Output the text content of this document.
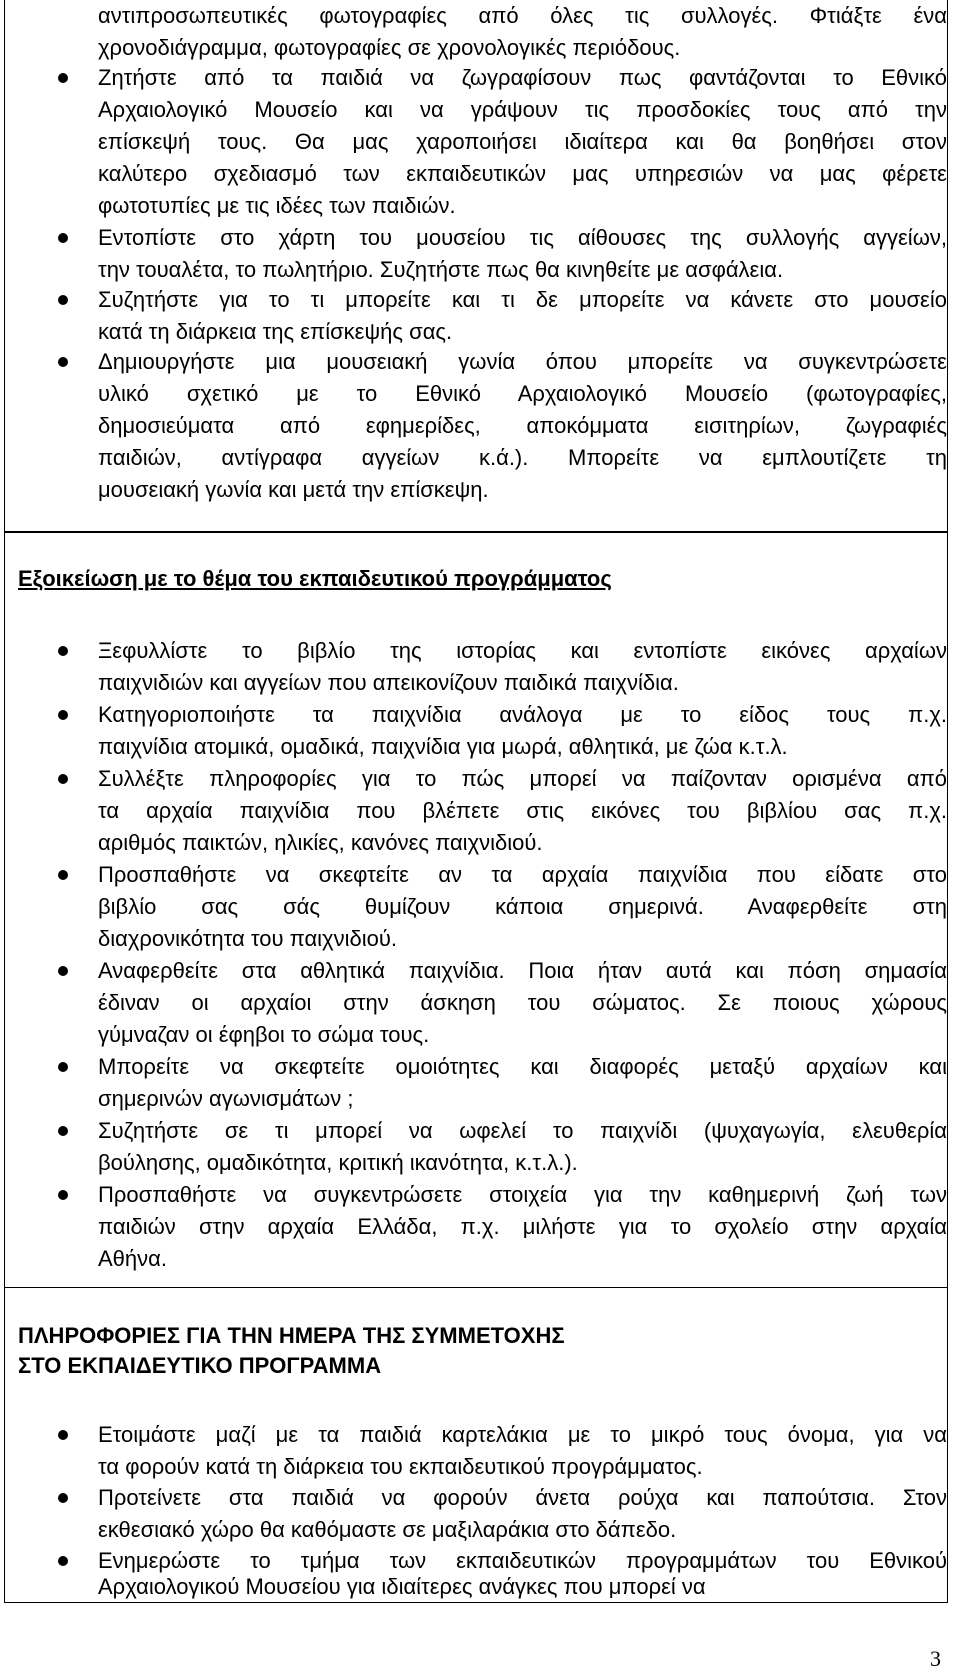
αντιπροσωπευτικές φωτογραφίες από όλες τις συλλογές. Φτιάξτε ένα
χρονοδιάγραμμα, φωτογραφίες σε χρονολογικές περιόδους.
Ζητήστε από τα παιδιά να ζωγραφίσουν πως φαντάζονται το Εθνικό
Αρχαιολογικό Μουσείο και να γράψουν τις προσδοκίες τους από την
επίσκεψή τους. Θα μας χαροποιήσει ιδιαίτερα και θα βοηθήσει στον
καλύτερο σχεδιασμό των εκπαιδευτικών μας υπηρεσιών να μας φέρετε
φωτοτυπίες με τις ιδέες των παιδιών.
Εντοπίστε στο χάρτη του μουσείου τις αίθουσες της συλλογής αγγείων,
την τουαλέτα, το πωλητήριο. Συζητήστε πως θα κινηθείτε με ασφάλεια.
Συζητήστε για το τι μπορείτε και τι δε μπορείτε να κάνετε στο μουσείο
κατά τη διάρκεια της επίσκεψής σας.
Δημιουργήστε μια μουσειακή γωνία όπου μπορείτε να συγκεντρώσετε
υλικό σχετικό με το Εθνικό Αρχαιολογικό Μουσείο (φωτογραφίες,
δημοσιεύματα από εφημερίδες, αποκόμματα εισιτηρίων, ζωγραφιές
παιδιών, αντίγραφα αγγείων κ.ά.). Μπορείτε να εμπλουτίζετε τη
μουσειακή γωνία και μετά την επίσκεψη.
Εξοικείωση με το θέμα του εκπαιδευτικού προγράμματος
Ξεφυλλίστε το βιβλίο της ιστορίας και εντοπίστε εικόνες αρχαίων
παιχνιδιών και αγγείων που απεικονίζουν παιδικά παιχνίδια.
Κατηγοριοποιήστε τα παιχνίδια ανάλογα με το είδος τους π.χ.
παιχνίδια ατομικά, ομαδικά, παιχνίδια για μωρά, αθλητικά, με ζώα κ.τ.λ.
Συλλέξτε πληροφορίες για το πώς μπορεί να παίζονταν ορισμένα από
τα αρχαία παιχνίδια που βλέπετε στις εικόνες του βιβλίου σας π.χ.
αριθμός παικτών, ηλικίες, κανόνες παιχνιδιού.
Προσπαθήστε να σκεφτείτε αν τα αρχαία παιχνίδια που είδατε στο
βιβλίο σας σάς θυμίζουν κάποια σημερινά. Αναφερθείτε στη
διαχρονικότητα του παιχνιδιού.
Αναφερθείτε στα αθλητικά παιχνίδια. Ποια ήταν αυτά και πόση σημασία
έδιναν οι αρχαίοι στην άσκηση του σώματος. Σε ποιους χώρους
γύμναζαν οι έφηβοι το σώμα τους.
Μπορείτε να σκεφτείτε ομοιότητες και διαφορές μεταξύ αρχαίων και
σημερινών αγωνισμάτων ;
Συζητήστε σε τι μπορεί να ωφελεί το παιχνίδι (ψυχαγωγία, ελευθερία
βούλησης, ομαδικότητα, κριτική ικανότητα, κ.τ.λ.).
Προσπαθήστε να συγκεντρώσετε στοιχεία για την καθημερινή ζωή των
παιδιών στην αρχαία Ελλάδα, π.χ. μιλήστε για το σχολείο στην αρχαία
Αθήνα.
ΠΛΗΡΟΦΟΡΙΕΣ ΓΙΑ ΤΗΝ ΗΜΕΡΑ ΤΗΣ ΣΥΜΜΕΤΟΧΗΣ
ΣΤΟ ΕΚΠΑΙΔΕΥΤΙΚΟ ΠΡΟΓΡΑΜΜΑ
Ετοιμάστε μαζί με τα παιδιά καρτελάκια με το μικρό τους όνομα, για να
τα φορούν κατά τη διάρκεια του εκπαιδευτικού προγράμματος.
Προτείνετε στα παιδιά να φορούν άνετα ρούχα και παπούτσια. Στον
εκθεσιακό χώρο θα καθόμαστε σε μαξιλαράκια στο δάπεδο.
Ενημερώστε το τμήμα των εκπαιδευτικών προγραμμάτων του Εθνικού
Αρχαιολογικού Μουσείου για ιδιαίτερες ανάγκες που μπορεί να
3
